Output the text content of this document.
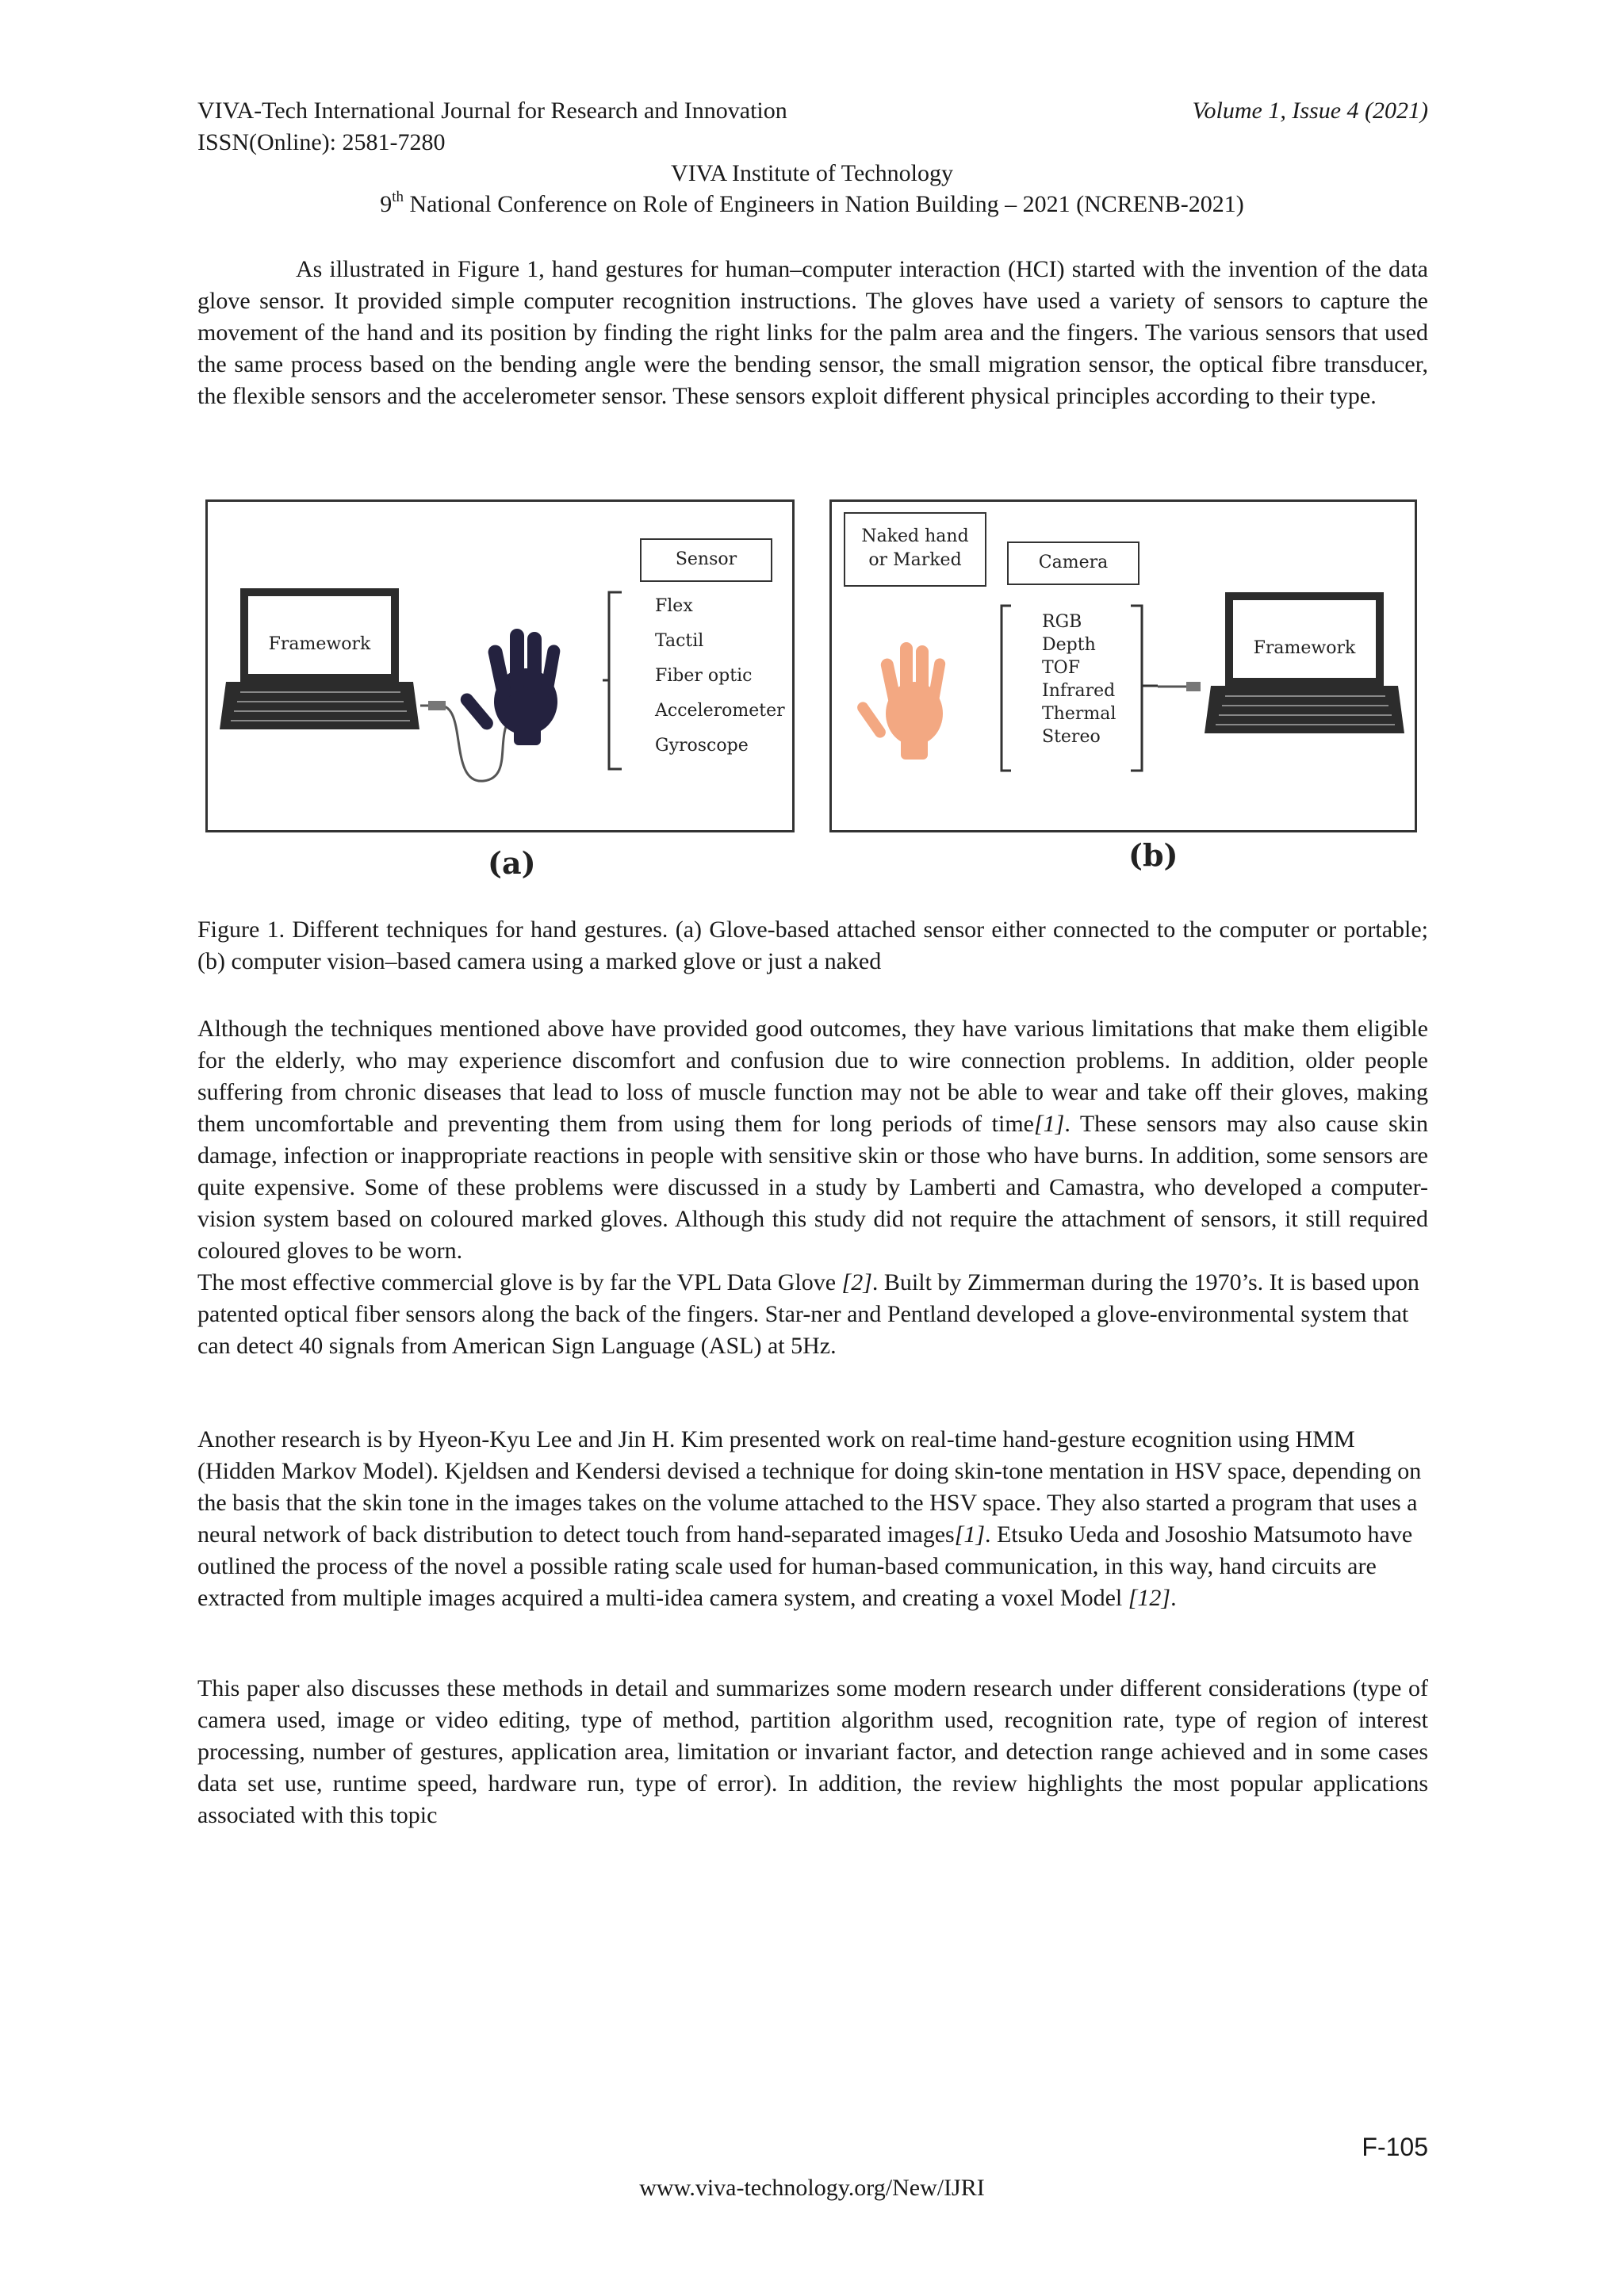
VIVA-Tech International Journal for Research and Innovation	Volume 1, Issue 4 (2021)
ISSN(Online): 2581-7280
VIVA Institute of Technology
9th National Conference on Role of Engineers in Nation Building – 2021 (NCRENB-2021)

As illustrated in Figure 1, hand gestures for human–computer interaction (HCI) started with the invention of the data glove sensor. It provided simple computer recognition instructions. The gloves have used a variety of sensors to capture the movement of the hand and its position by finding the right links for the palm area and the fingers. The various sensors that used the same process based on the bending angle were the bending sensor, the small migration sensor, the optical fibre transducer, the flexible sensors and the accelerometer sensor. These sensors exploit different physical principles according to their type.

Framework
Sensor
Flex
Tactil
Fiber optic
Accelerometer
Gyroscope
(a)
Naked hand
or Marked	Camera
RGB
Depth
TOF
Infrared
Thermal
Stereo
Framework
(b)

Figure 1. Different techniques for hand gestures. (a) Glove-based attached sensor either connected to the computer or portable; (b) computer vision–based camera using a marked glove or just a naked

Although the techniques mentioned above have provided good outcomes, they have various limitations that make them eligible for the elderly, who may experience discomfort and confusion due to wire connection problems. In addition, older people suffering from chronic diseases that lead to loss of muscle function may not be able to wear and take off their gloves, making them uncomfortable and preventing them from using them for long periods of time[1]. These sensors may also cause skin damage, infection or inappropriate reactions in people with sensitive skin or those who have burns. In addition, some sensors are quite expensive. Some of these problems were discussed in a study by Lamberti and Camastra, who developed a computer-vision system based on coloured marked gloves. Although this study did not require the attachment of sensors, it still required coloured gloves to be worn.

The most effective commercial glove is by far the VPL Data Glove [2]. Built by Zimmerman during the 1970’s. It is based upon patented optical fiber sensors along the back of the fingers. Star-ner and Pentland developed a glove-environmental system that can detect 40 signals from American Sign Language (ASL) at 5Hz.

Another research is by Hyeon-Kyu Lee and Jin H. Kim presented work on real-time hand-gesture ecognition using HMM (Hidden Markov Model). Kjeldsen and Kendersi devised a technique for doing skin-tone mentation in HSV space, depending on the basis that the skin tone in the images takes on the volume attached to the HSV space. They also started a program that uses a neural network of back distribution to detect touch from hand-separated images[1]. Etsuko Ueda and Jososhio Matsumoto have outlined the process of the novel a possible rating scale used for human-based communication, in this way, hand circuits are extracted from multiple images acquired a multi-idea camera system, and creating a voxel Model [12].

This paper also discusses these methods in detail and summarizes some modern research under different considerations (type of camera used, image or video editing, type of method, partition algorithm used, recognition rate, type of region of interest processing, number of gestures, application area, limitation or invariant factor, and detection range achieved and in some cases data set use, runtime speed, hardware run, type of error). In addition, the review highlights the most popular applications associated with this topic

F-105
www.viva-technology.org/New/IJRI
